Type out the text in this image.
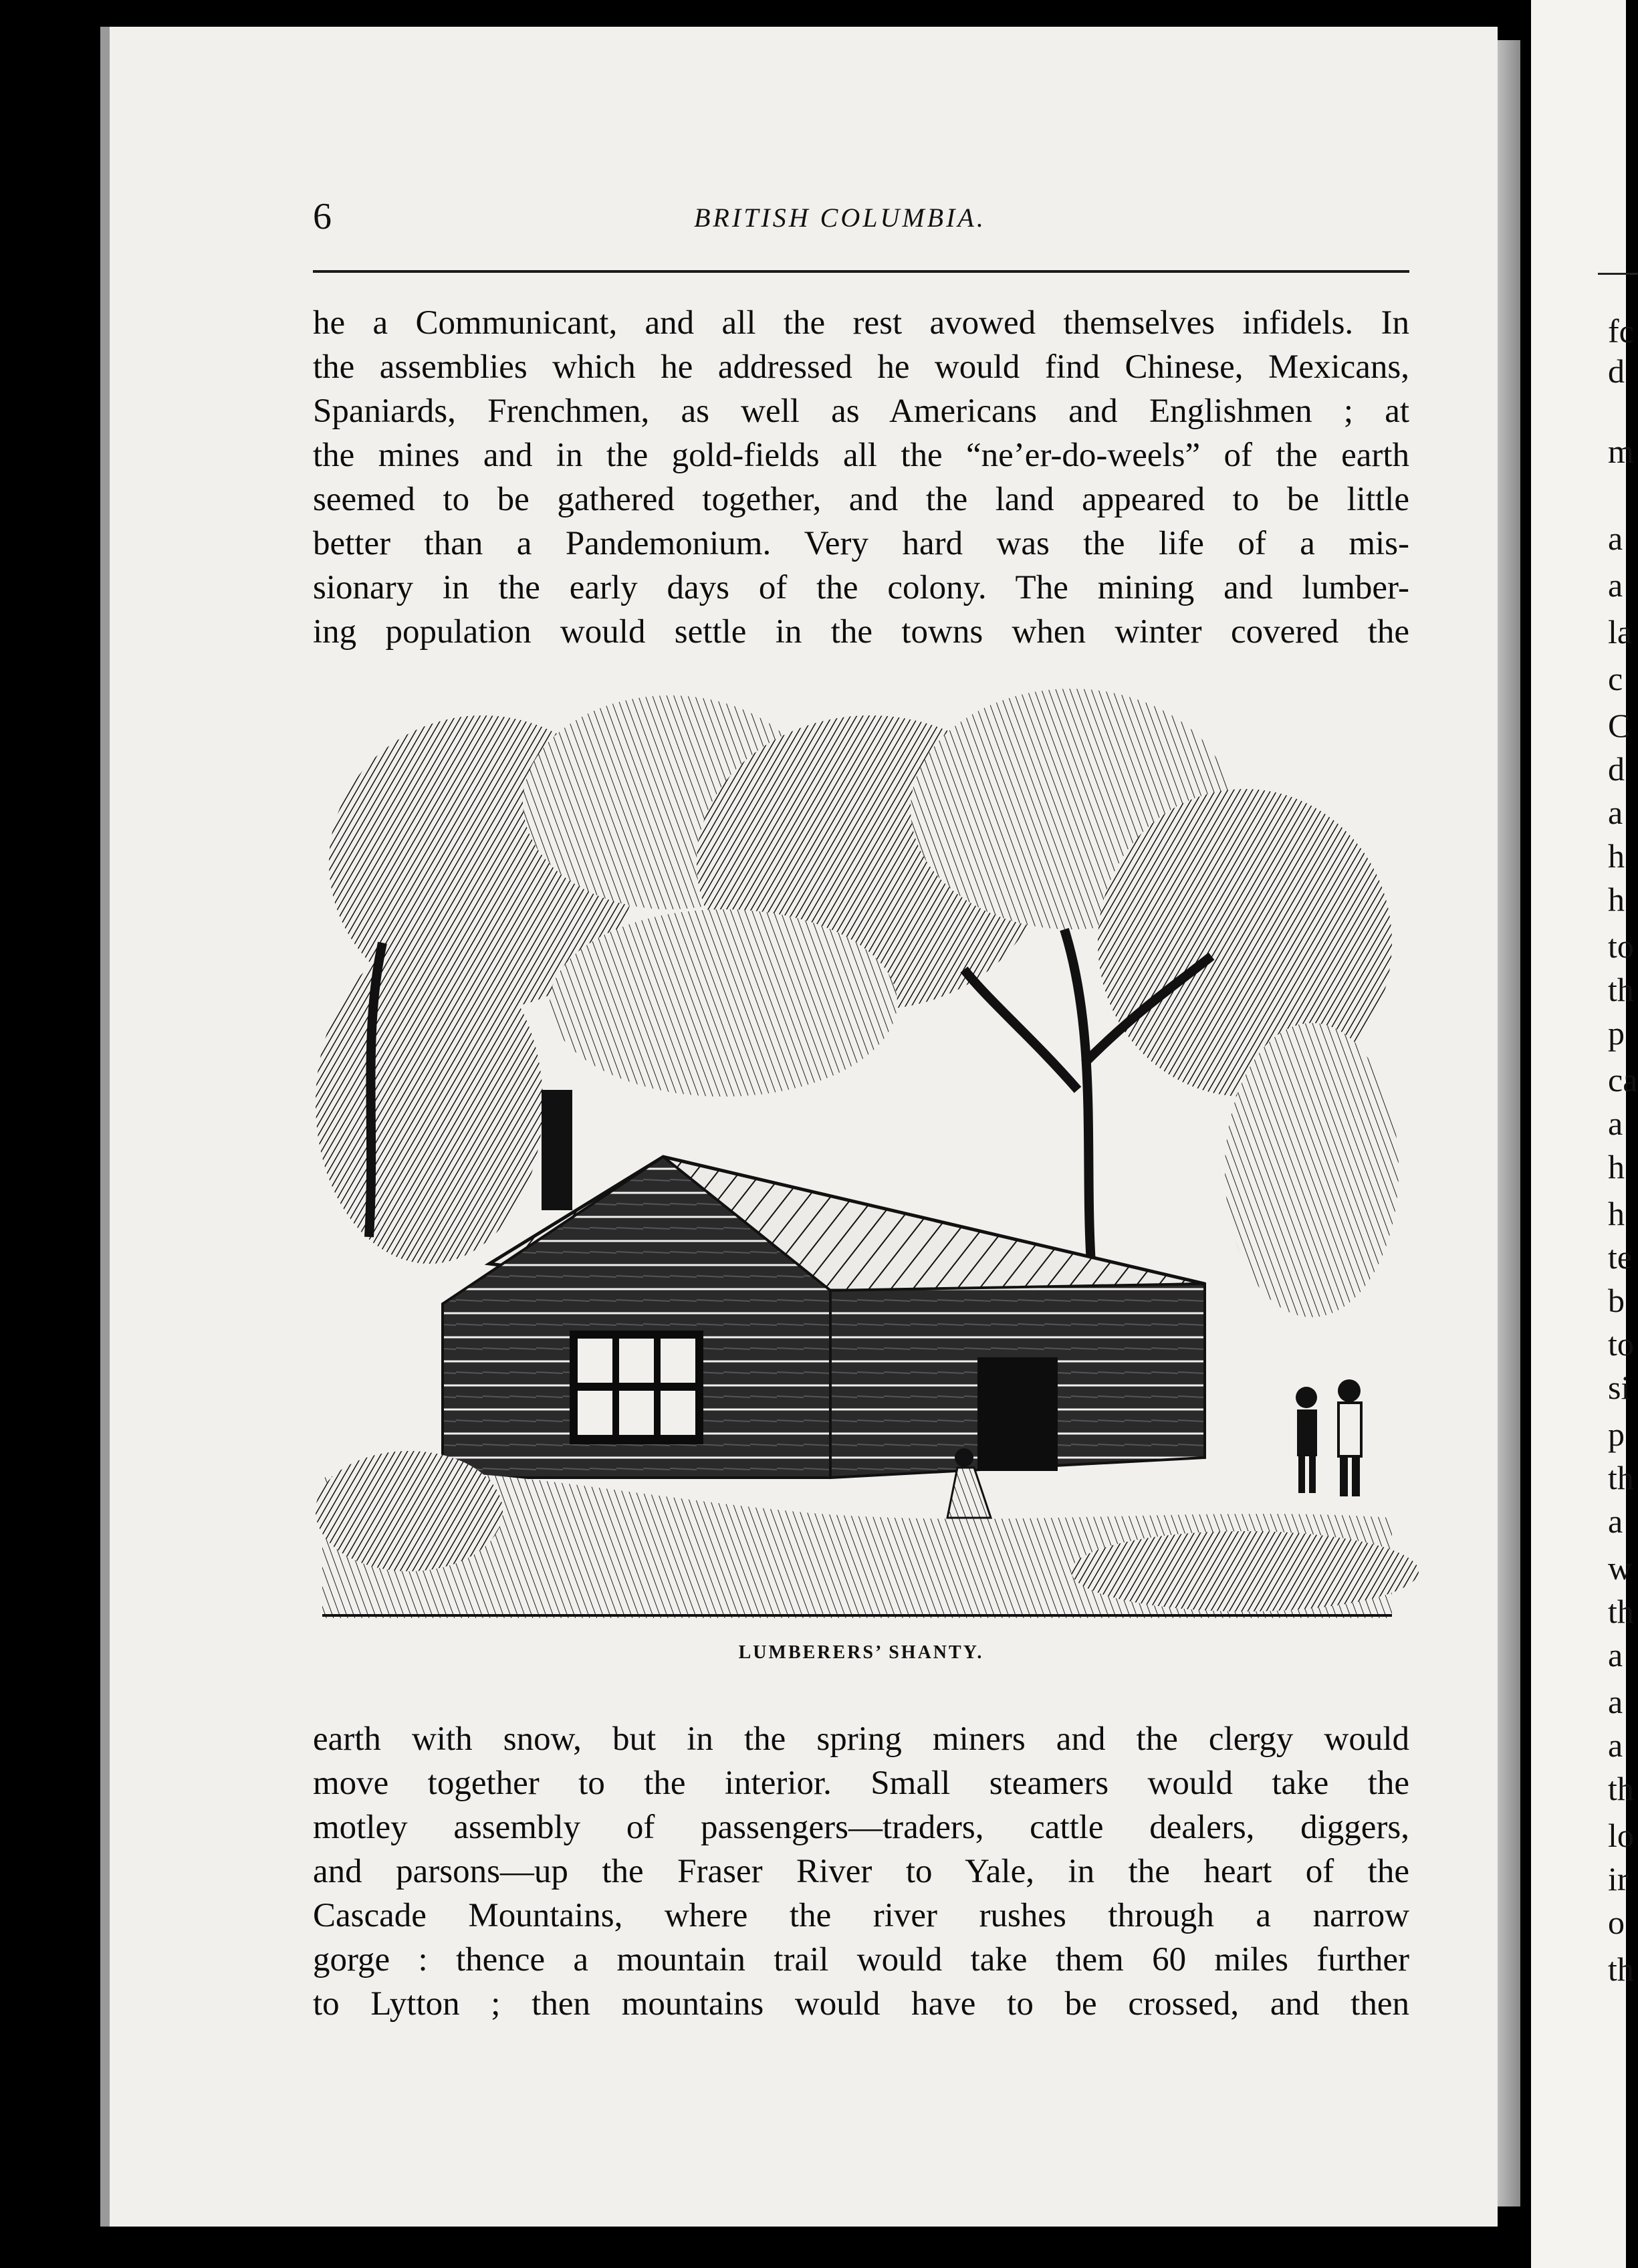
fc
d
m
a
a
la
c
C
d
a
h
h
to
th
p
ca
a
h
h
te
b
to
si
p
th
a
w
th
a
a
a
th
lo
ir
o
th
6	BRITISH COLUMBIA.
he a Communicant, and all the rest avowed themselves infidels. In
the assemblies which he addressed he would find Chinese, Mexicans,
Spaniards, Frenchmen, as well as Americans and Englishmen ; at
the mines and in the gold-fields all the “ne’er-do-weels” of the earth
seemed to be gathered together, and the land appeared to be little
better than a Pandemonium. Very hard was the life of a mis-
sionary in the early days of the colony. The mining and lumber-
ing population would settle in the towns when winter covered the
LUMBERERS’ SHANTY.
earth with snow, but in the spring miners and the clergy would
move together to the interior. Small steamers would take the
motley assembly of passengers—traders, cattle dealers, diggers,
and parsons—up the Fraser River to Yale, in the heart of the
Cascade Mountains, where the river rushes through a narrow
gorge : thence a mountain trail would take them 60 miles further
to Lytton ; then mountains would have to be crossed, and then
